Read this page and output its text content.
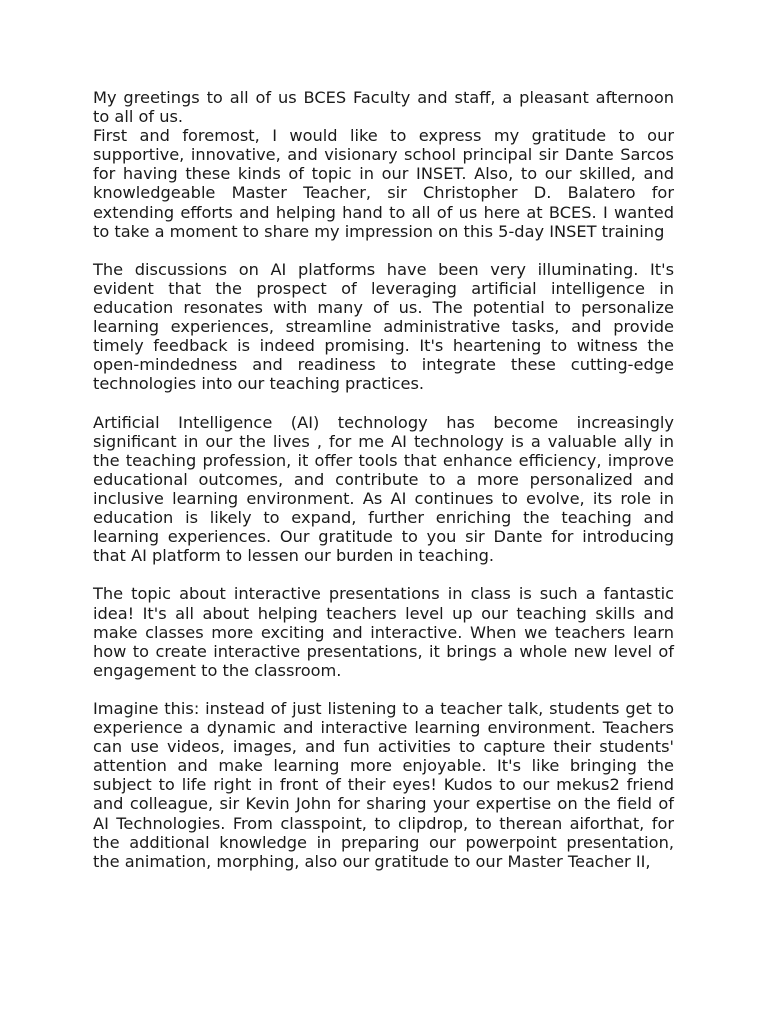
My greetings to all of us BCES Faculty and staff, a pleasant afternoon to all of us.

First and foremost, I would like to express my gratitude to our supportive, innovative, and visionary school principal sir Dante Sarcos for having these kinds of topic in our INSET. Also, to our skilled, and knowledgeable Master Teacher, sir Christopher D. Balatero for extending efforts and helping hand to all of us here at BCES. I wanted to take a moment to share my impression on this 5-day INSET training

The discussions on AI platforms have been very illuminating. It's evident that the prospect of leveraging artificial intelligence in education resonates with many of us. The potential to personalize learning experiences, streamline administrative tasks, and provide timely feedback is indeed promising. It's heartening to witness the open-mindedness and readiness to integrate these cutting-edge technologies into our teaching practices.

Artificial Intelligence (AI) technology has become increasingly significant in our the lives , for me AI technology is a valuable ally in the teaching profession, it offer tools that enhance efficiency, improve educational outcomes, and contribute to a more personalized and inclusive learning environment. As AI continues to evolve, its role in education is likely to expand, further enriching the teaching and learning experiences. Our gratitude to you sir Dante for introducing that AI platform to lessen our burden in teaching.

The topic about interactive presentations in class is such a fantastic idea! It's all about helping teachers level up our teaching skills and make classes more exciting and interactive. When we teachers learn how to create interactive presentations, it brings a whole new level of engagement to the classroom.

Imagine this: instead of just listening to a teacher talk, students get to experience a dynamic and interactive learning environment. Teachers can use videos, images, and fun activities to capture their students' attention and make learning more enjoyable. It's like bringing the subject to life right in front of their eyes! Kudos to our mekus2 friend and colleague, sir Kevin John for sharing your expertise on the field of AI Technologies. From classpoint, to clipdrop, to therean aiforthat, for the additional knowledge in preparing our powerpoint presentation, the animation, morphing, also our gratitude to our Master Teacher II,
